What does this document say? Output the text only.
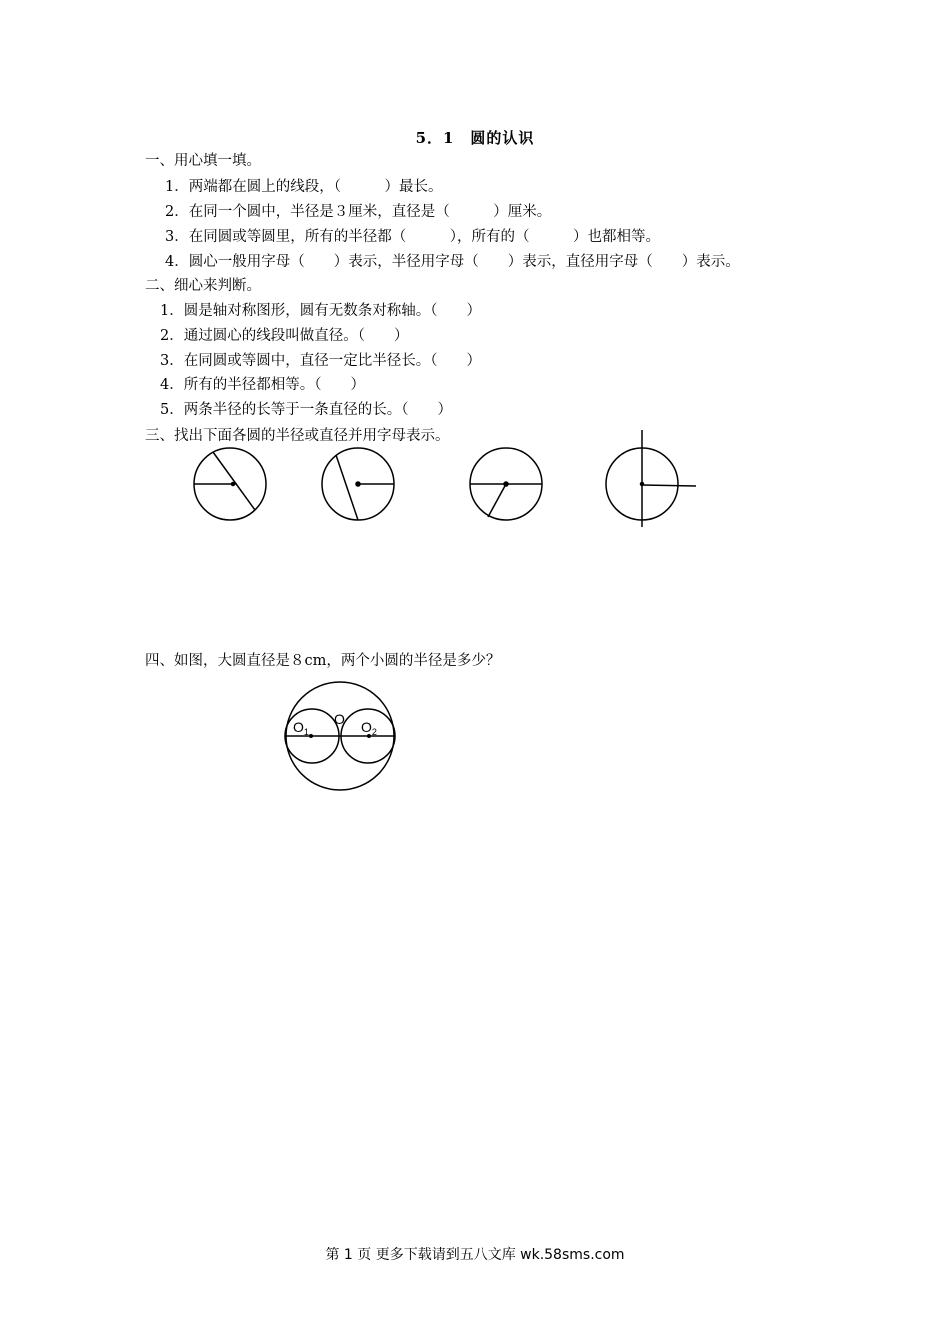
5．1　圆的认识
一、用心填一填。
1．两端都在圆上的线段，（　　　）最长。
2．在同一个圆中，半径是３厘米，直径是（　　　）厘米。
3．在同圆或等圆里，所有的半径都（　　　），所有的（　　　）也都相等。
4．圆心一般用字母（　　）表示，半径用字母（　　）表示，直径用字母（　　）表示。
二、细心来判断。
1．圆是轴对称图形，圆有无数条对称轴。（　　）
2．通过圆心的线段叫做直径。（　　）
3．在同圆或等圆中，直径一定比半径长。（　　）
4．所有的半径都相等。（　　）
5．两条半径的长等于一条直径的长。（　　）
三、找出下面各圆的半径或直径并用字母表示。
四、如图，大圆直径是８cm，两个小圆的半径是多少？
$O_1$
O $O_2$
第 1 页 更多下载请到五八文库 wk.58sms.com
